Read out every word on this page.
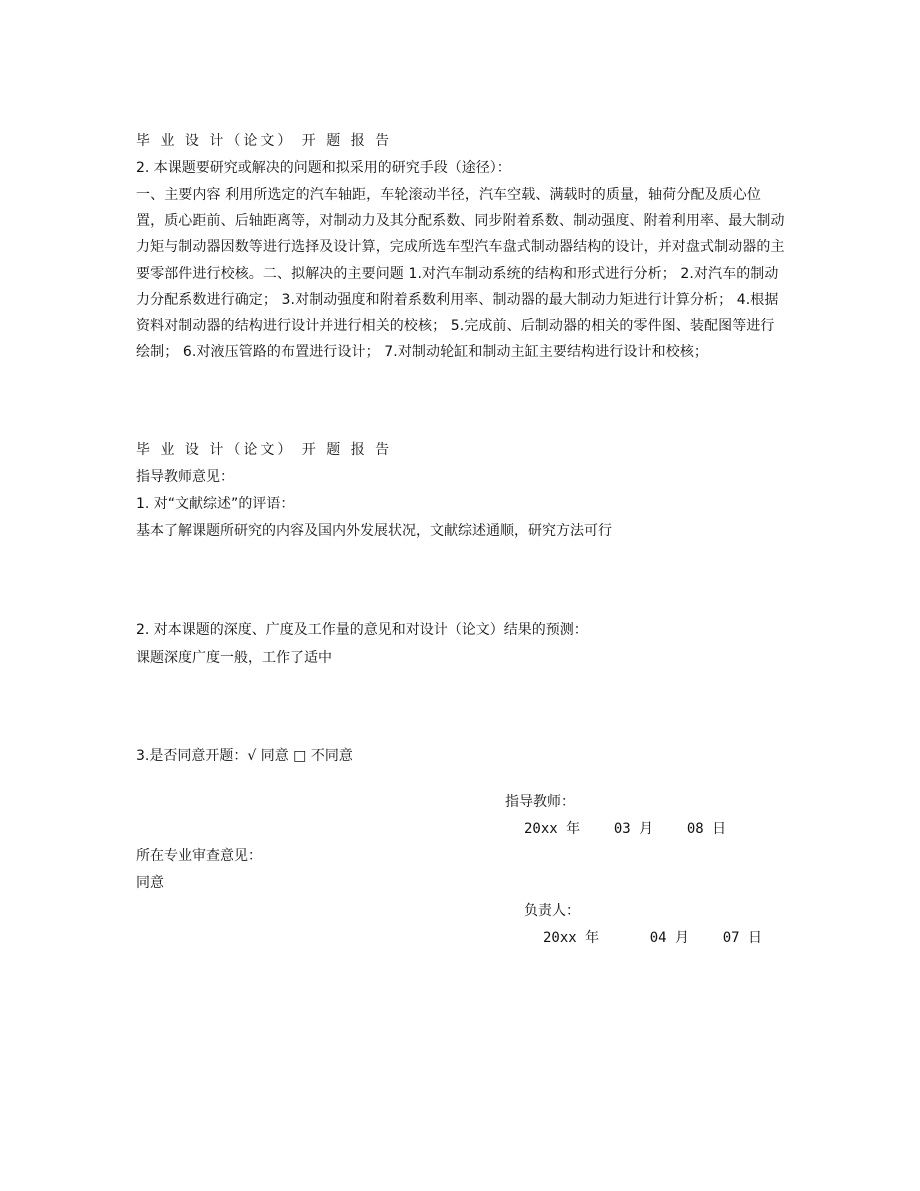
毕 业 设 计（论文） 开 题 报 告
2. 本课题要研究或解决的问题和拟采用的研究手段（途径）：
一、主要内容 利用所选定的汽车轴距，车轮滚动半径，汽车空载、满载时的质量，轴荷分配及质心位置，质心距前、后轴距离等，对制动力及其分配系数、同步附着系数、制动强度、附着利用率、最大制动力矩与制动器因数等进行选择及设计算，完成所选车型汽车盘式制动器结构的设计，并对盘式制动器的主要零部件进行校核。二、拟解决的主要问题 1.对汽车制动系统的结构和形式进行分析； 2.对汽车的制动力分配系数进行确定； 3.对制动强度和附着系数利用率、制动器的最大制动力矩进行计算分析； 4.根据资料对制动器的结构进行设计并进行相关的校核； 5.完成前、后制动器的相关的零件图、装配图等进行绘制； 6.对液压管路的布置进行设计； 7.对制动轮缸和制动主缸主要结构进行设计和校核；
毕 业 设 计（论文） 开 题 报 告
指导教师意见：
1. 对“文献综述”的评语：
基本了解课题所研究的内容及国内外发展状况，文献综述通顺，研究方法可行
2. 对本课题的深度、广度及工作量的意见和对设计（论文）结果的预测：
课题深度广度一般，工作了适中
3.是否同意开题：√ 同意 □ 不同意
指导教师：
20xx 年    03 月    08 日
所在专业审查意见：
同意
负责人：
20xx 年      04 月    07 日
